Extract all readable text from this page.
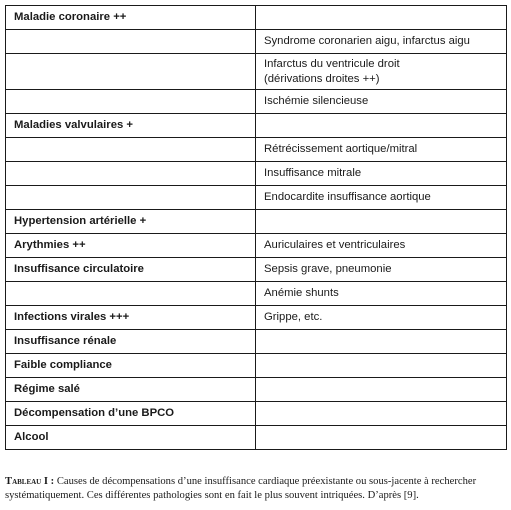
Maladie coronaire ++	
	Syndrome coronarien aigu, infarctus aigu
	Infarctus du ventricule droit
(dérivations droites ++)
	Ischémie silencieuse
Maladies valvulaires +	
	Rétrécissement aortique/mitral
	Insuffisance mitrale
	Endocardite insuffisance aortique
Hypertension artérielle +	
Arythmies ++	Auriculaires et ventriculaires
Insuffisance circulatoire	Sepsis grave, pneumonie
	Anémie shunts
Infections virales +++	Grippe, etc.
Insuffisance rénale	
Faible compliance	
Régime salé	
Décompensation d’une BPCO	
Alcool	
Tableau I : Causes de décompensations d’une insuffisance cardiaque préexistante ou sous-jacente à rechercher systématiquement. Ces différentes pathologies sont en fait le plus souvent intriquées. D’après [9].
